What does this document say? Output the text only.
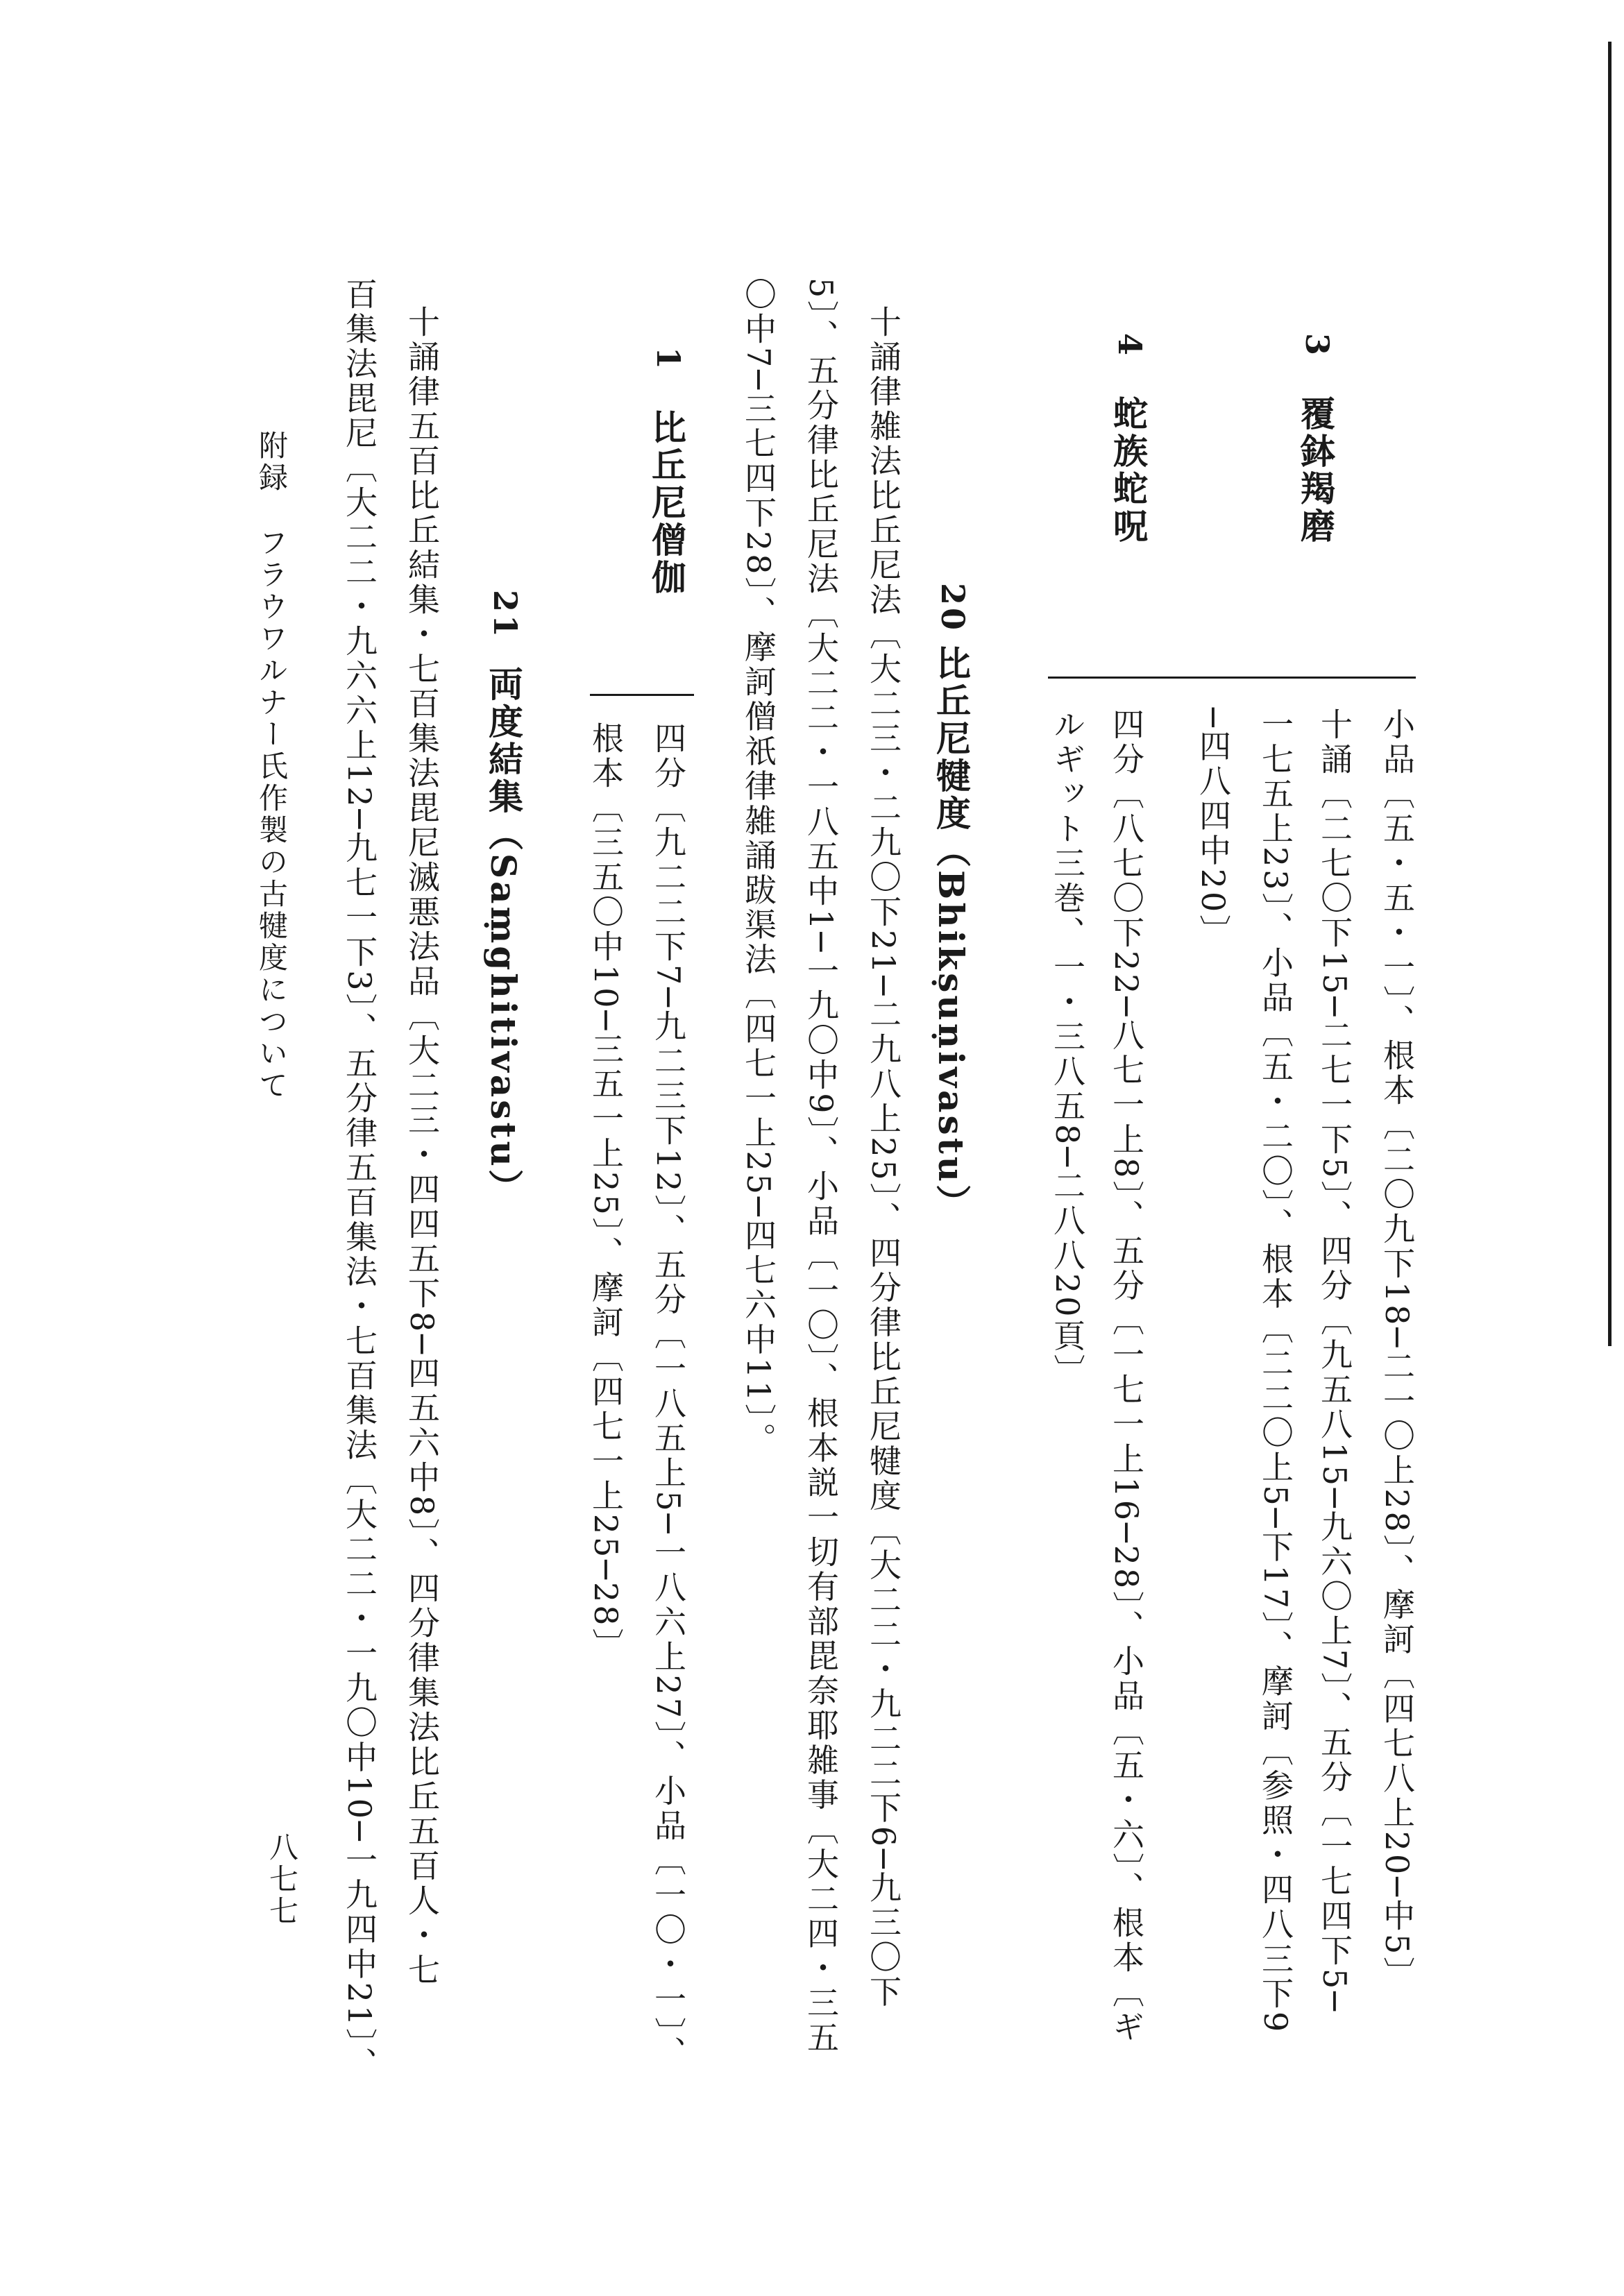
3
覆鉢羯磨
小品〔五・五・一〕、根本〔二〇九下18─二一〇上28〕、摩訶〔四七八上20─中5〕
十誦〔二七〇下15─二七一下5〕、四分〔九五八15─九六〇上7〕、五分〔一七四下5─
一七五上23〕、小品〔五・二〇〕、根本〔二二〇上5─下17〕、摩訶〔参照・四八三下9
─四八四中20〕
4
蛇族蛇呪
四分〔八七〇下22─八七一上8〕、五分〔一七一上16─28〕、小品〔五・六〕、根本〔ギ
ルギット三巻、一・三八五8─二八八20頁〕
20
比丘尼犍度（Bhikṣuṇivastu）
十誦律雑法比丘尼法〔大二三・二九〇下21─二九八上25〕、四分律比丘尼犍度〔大二二・九二二下6─九三〇下
5〕、五分律比丘尼法〔大二二・一八五中1─一九〇中9〕、小品〔一〇〕、根本説一切有部毘奈耶雑事〔大二四・三五
〇中7─三七四下28〕、摩訶僧祇律雑誦跋渠法〔四七一上25─四七六中11〕。
1
比丘尼僧伽
四分〔九二二下7─九二三下12〕、五分〔一八五上5─一八六上27〕、小品〔一〇・一〕、
根本〔三五〇中10─三五一上25〕、摩訶〔四七一上25─28〕
21
両度結集（Saṃghitivastu）
十誦律五百比丘結集・七百集法毘尼滅悪法品〔大二三・四四五下8─四五六中8〕、四分律集法比丘五百人・七
百集法毘尼〔大二二・九六六上12─九七一下3〕、五分律五百集法・七百集法〔大二二・一九〇中10─一九四中21〕、
附録
フラウワルナー氏作製の古犍度について
八七七
